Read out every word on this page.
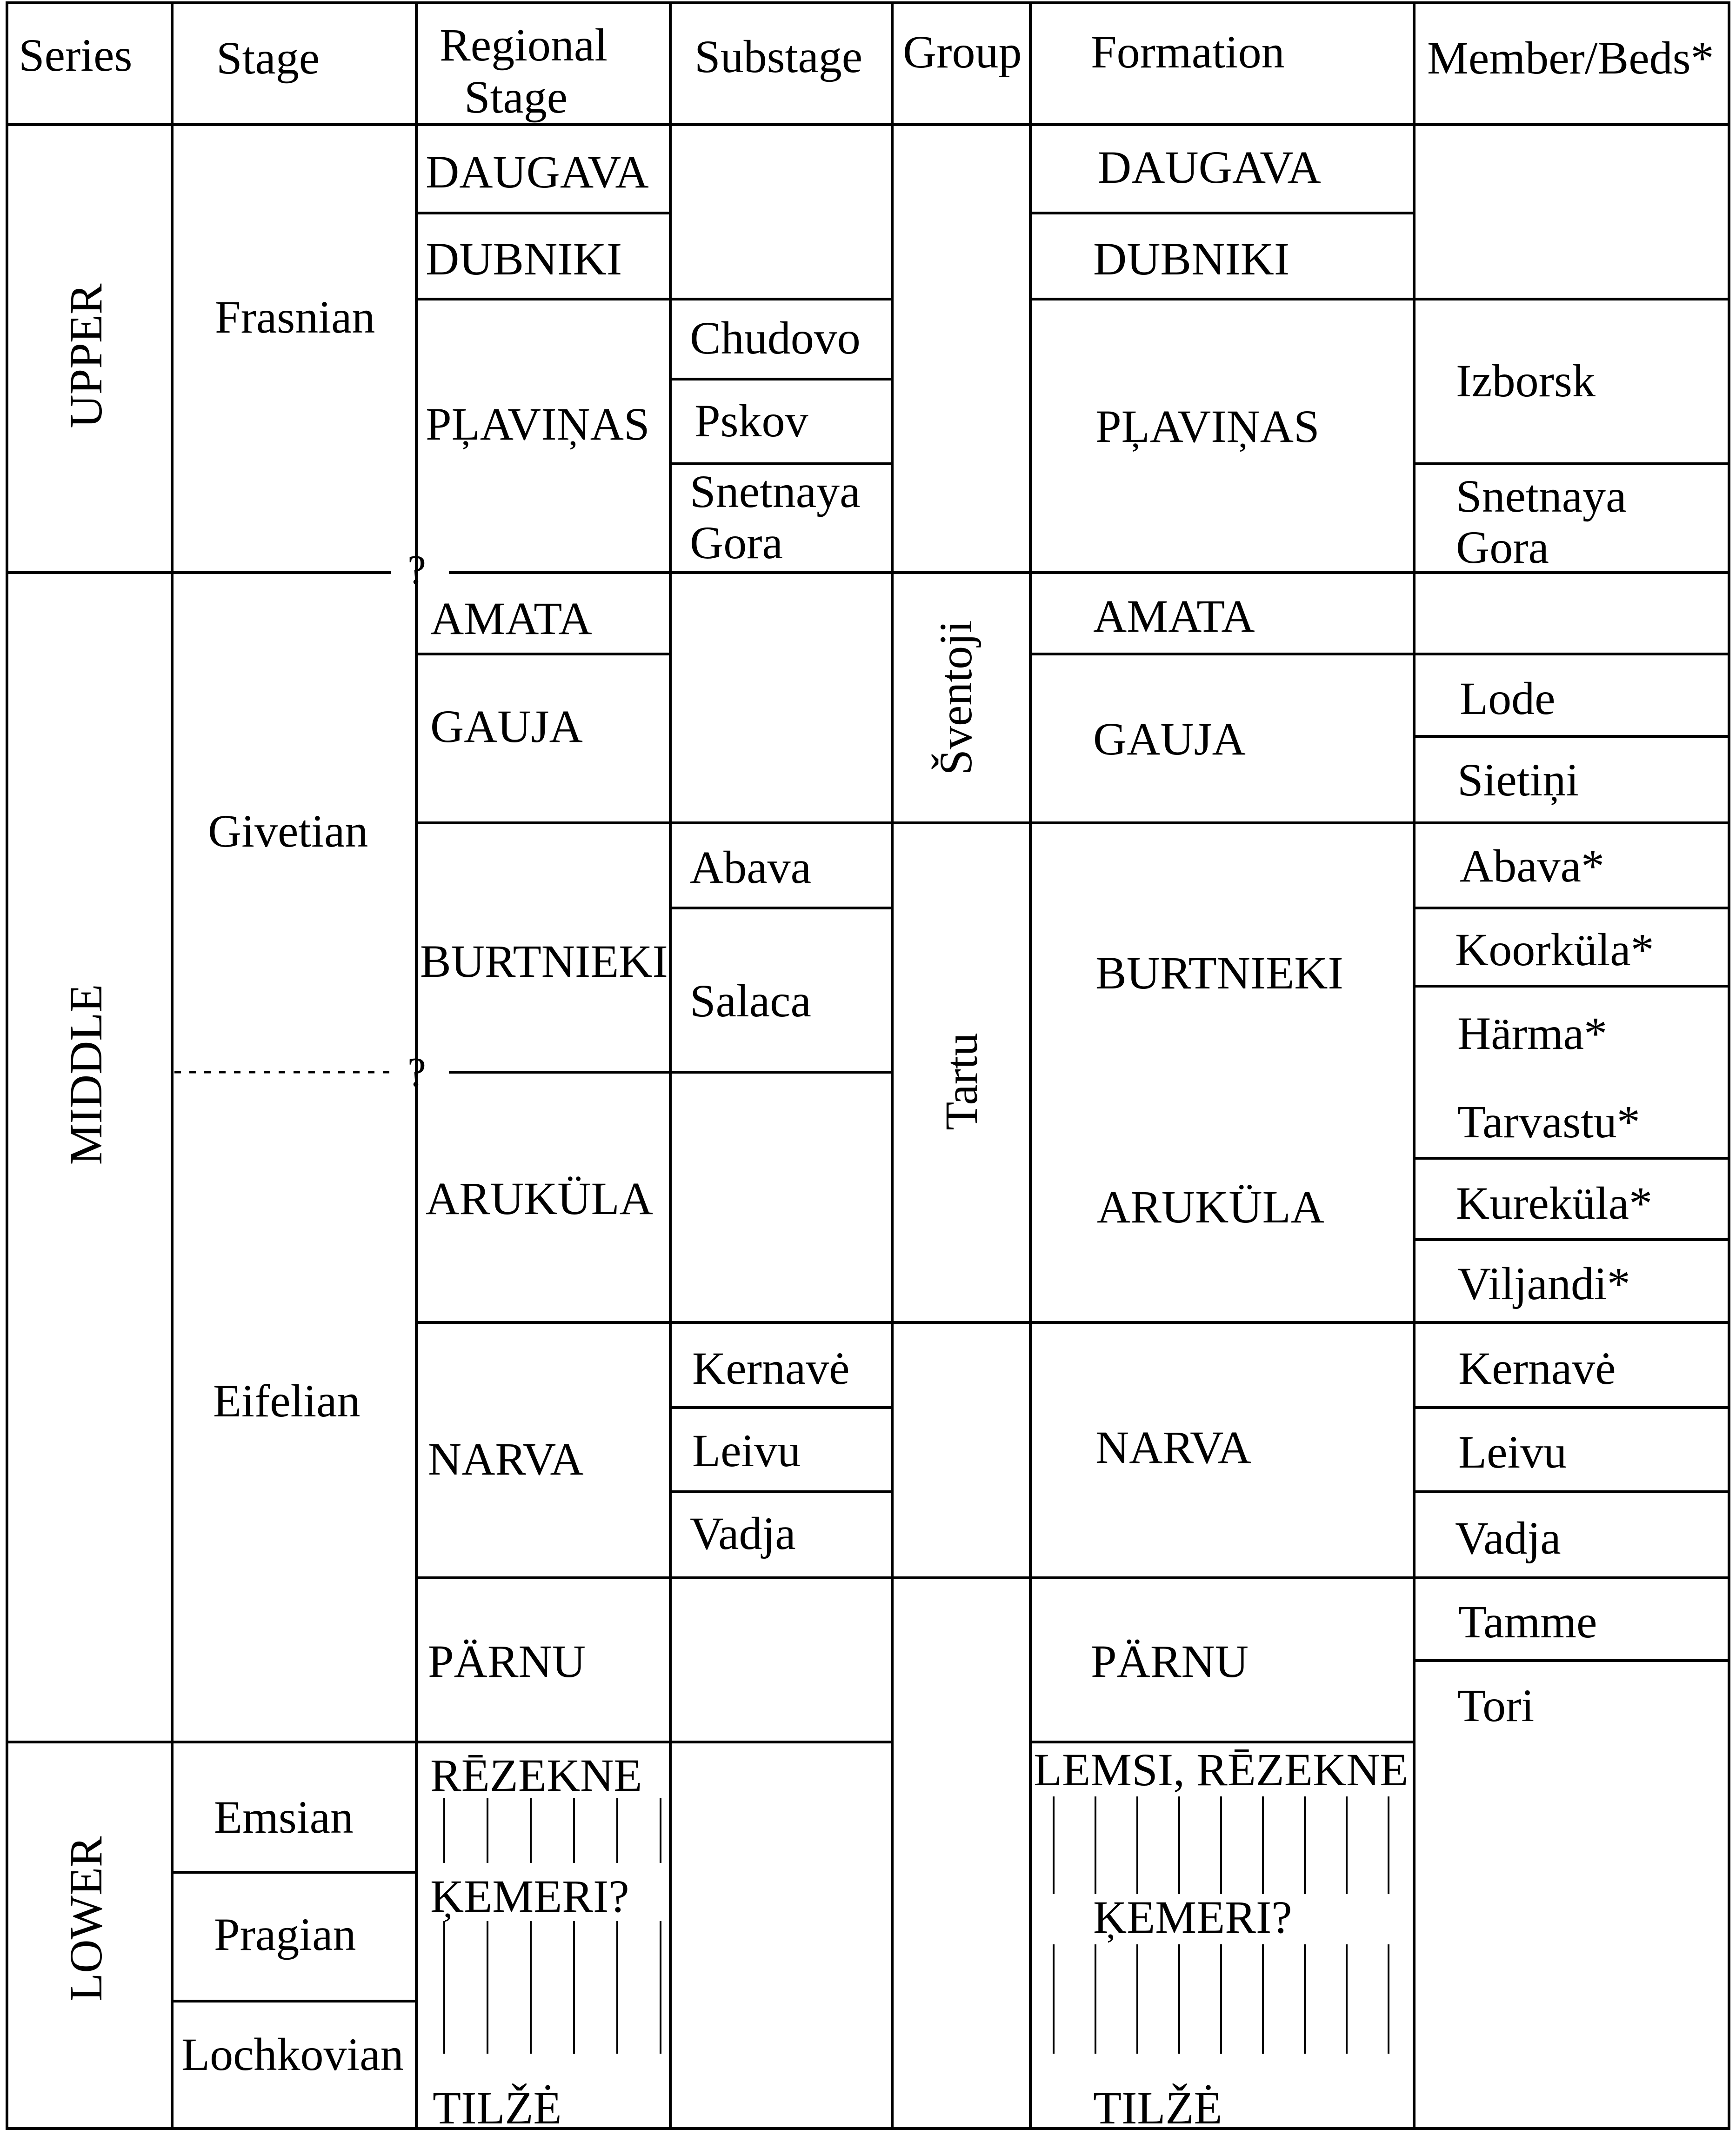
Series Stage	Regional
Stage
Substage Group Formation	Member/Beds*
UPPER
MIDDLE
LOWER
Frasnian
Givetian
Eifelian
Emsian
Pragian
Lochkovian
?
?
DAUGAVA
DUBNIKI
PĻAVIŅAS
AMATA
GAUJA
BURTNIEKI
ARUKÜLA
NARVA
PÄRNU
RĒZEKNE
ĶEMERI?
TILŽĖ
Chudovo
Pskov
Snetnaya
Gora
Abava
Salaca
Kernavė
Leivu
Vadja
Šventoji
Tartu
DAUGAVA
DUBNIKI
PĻAVIŅAS
AMATA
GAUJA
BURTNIEKI
ARUKÜLA
NARVA
PÄRNU
LEMSI, RĒZEKNE
ĶEMERI?
TILŽĖ
Izborsk
Snetnaya
Gora
Lode
Sietiņi
Abava*
Koorküla*
Härma*
Tarvastu*
Kureküla*
Viljandi*
Kernavė
Leivu
Vadja
Tamme
Tori
